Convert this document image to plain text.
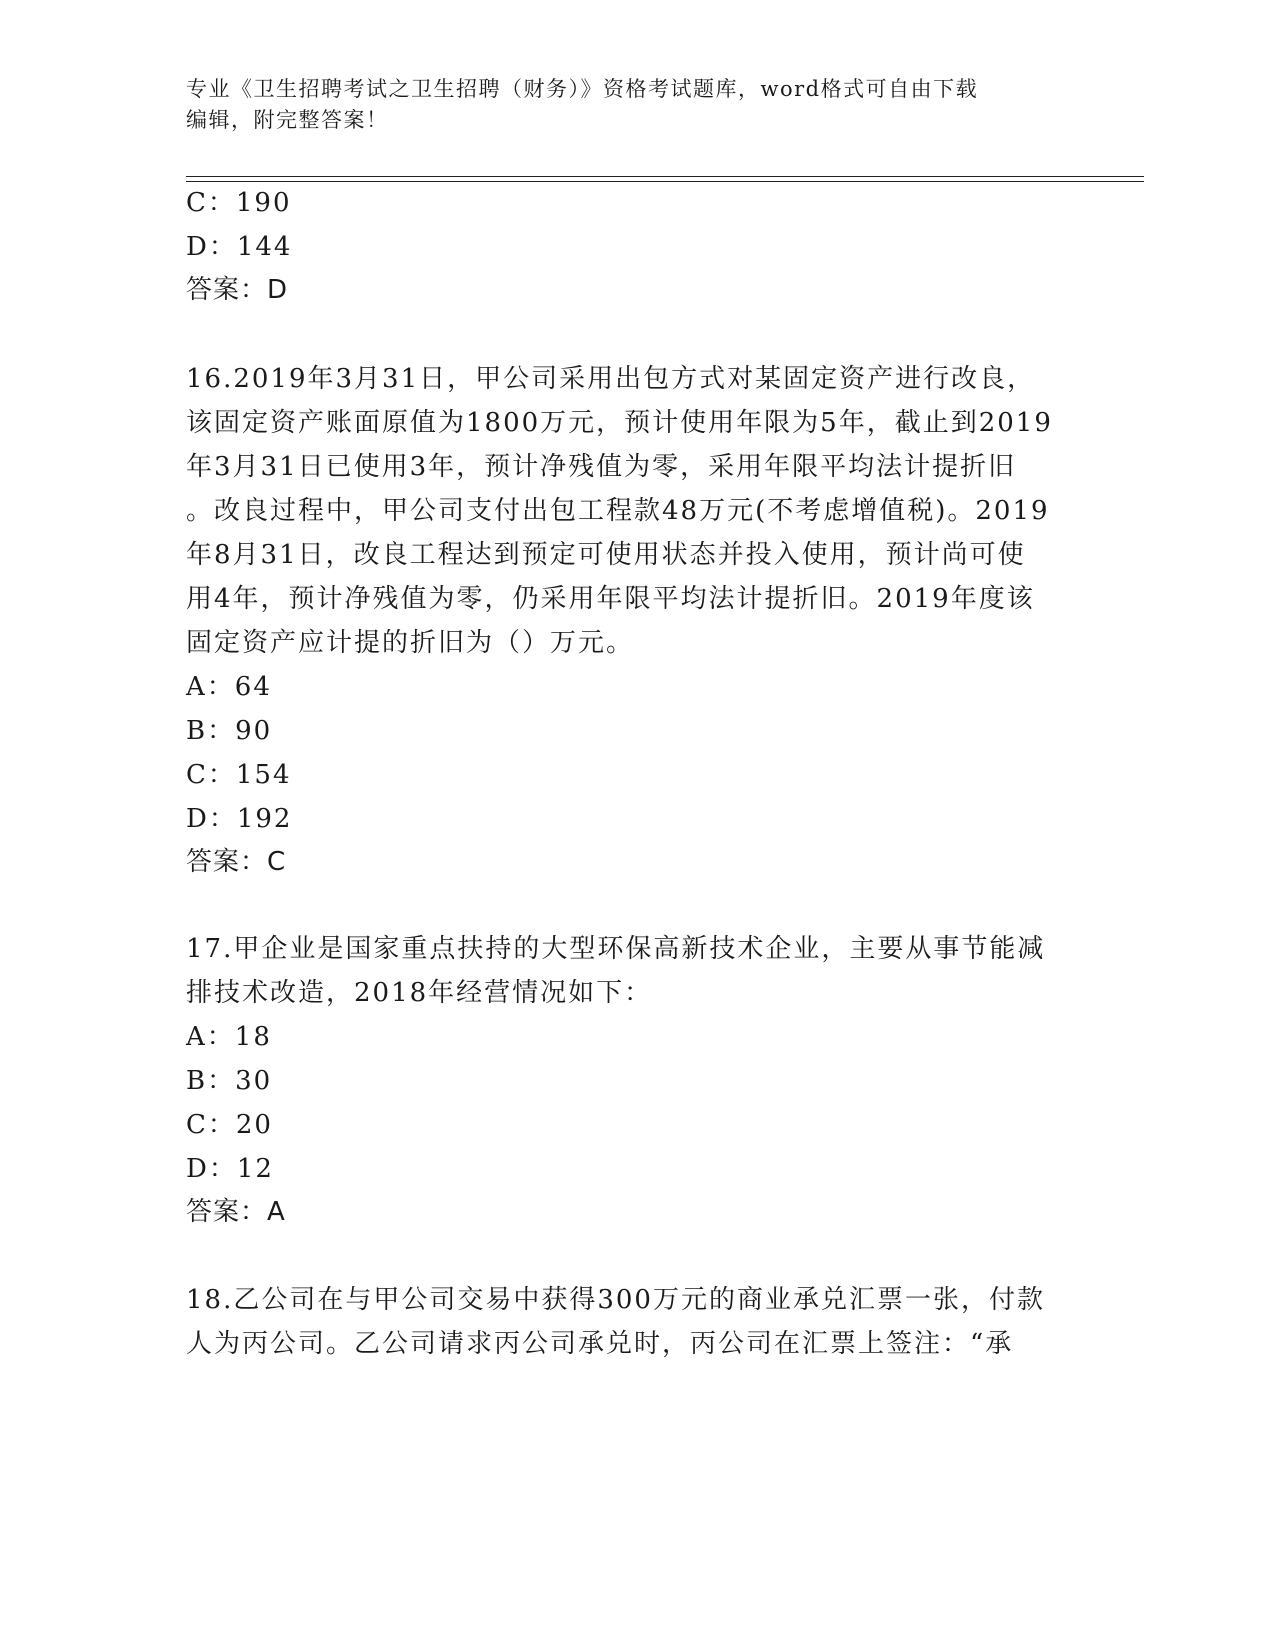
专业《卫生招聘考试之卫生招聘（财务）》资格考试题库，word格式可自由下载
编辑，附完整答案！
C：190
D：144
答案：D
16.2019年3月31日，甲公司采用出包方式对某固定资产进行改良，
该固定资产账面原值为1800万元，预计使用年限为5年，截止到2019
年3月31日已使用3年，预计净残值为零，采用年限平均法计提折旧
。改良过程中，甲公司支付出包工程款48万元(不考虑增值税)。2019
年8月31日，改良工程达到预定可使用状态并投入使用，预计尚可使
用4年，预计净残值为零，仍采用年限平均法计提折旧。2019年度该
固定资产应计提的折旧为（）万元。
A：64
B：90
C：154
D：192
答案：C
17.甲企业是国家重点扶持的大型环保高新技术企业，主要从事节能减
排技术改造，2018年经营情况如下：
A：18
B：30
C：20
D：12
答案：A
18.乙公司在与甲公司交易中获得300万元的商业承兑汇票一张，付款
人为丙公司。乙公司请求丙公司承兑时，丙公司在汇票上签注：“承
